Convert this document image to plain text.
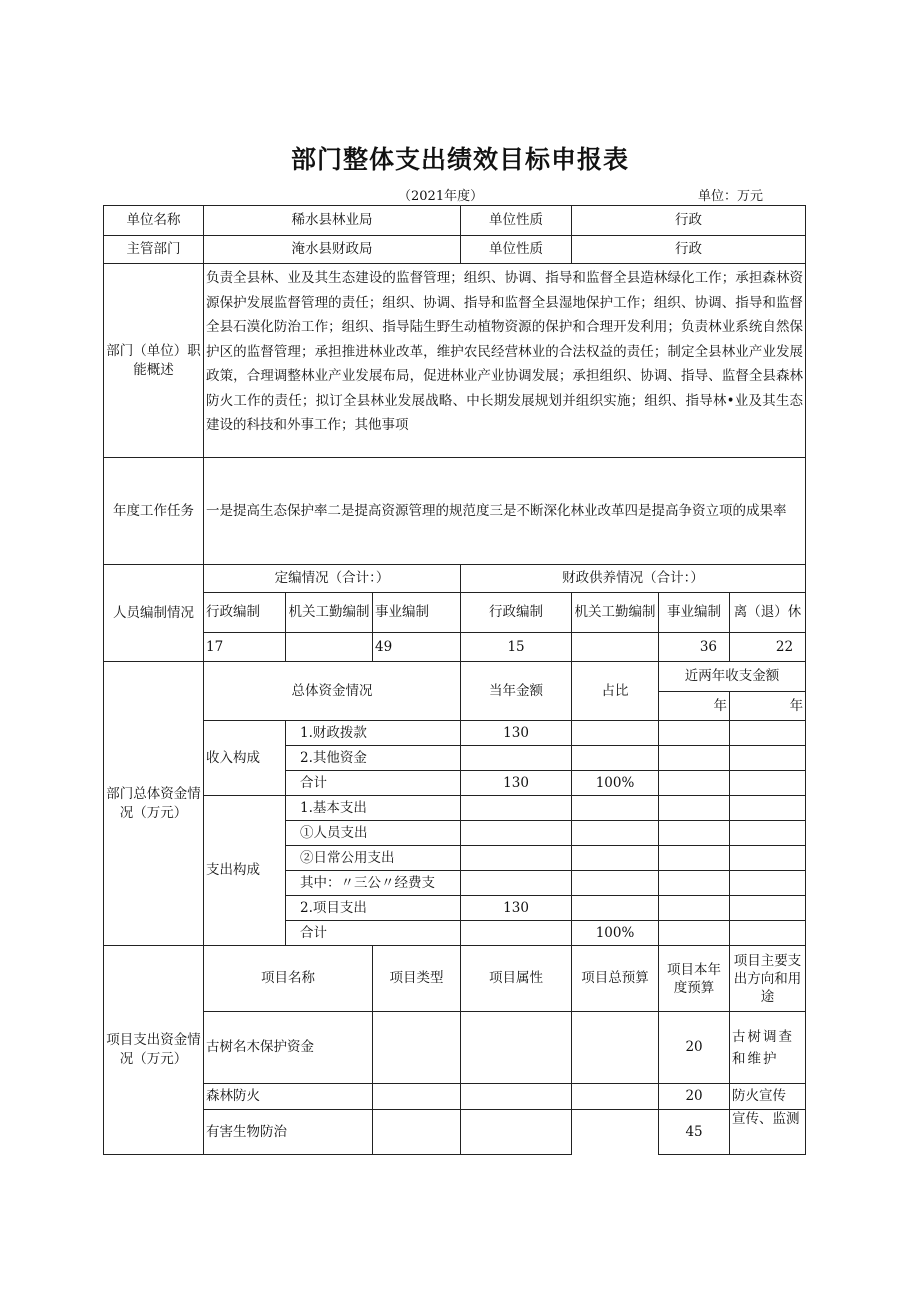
部门整体支出绩效目标申报表
（2021年度）	单位：万元
单位名称	稀水县林业局			单位性质	行政		
主管部门	淹水县财政局			单位性质	行政		
部门（单位）职能概述	负责全县林、业及其生态建设的监督管理；组织、协调、指导和监督全县造林绿化工作；承担森林资源保护发展监督管理的责任；组织、协调、指导和监督全县湿地保护工作；组织、协调、指导和监督全县石漠化防治工作；组织、指导陆生野生动植物资源的保护和合理开发利用；负责林业系统自然保护区的监督管理；承担推进林业改革，维护农民经营林业的合法权益的责任；制定全县林业产业发展政策，合理调整林业产业发展布局，促进林业产业协调发展；承担组织、协调、指导、监督全县森林防火工作的责任；拟订全县林业发展战略、中长期发展规划并组织实施；组织、指导林•业及其生态建设的科技和外事工作；其他事项						
年度工作任务	一是提高生态保护率二是提高资源管理的规范度三是不断深化林业改革四是提高争资立项的成果率						
人员编制情况	定编情况（合计：）			财政供养情况（合计：）			
	行政编制	机关工勤编制	事业编制	行政编制	机关工勤编制	事业编制	离（退）休
	17		49	15		36	22
部门总体资金情况（万元）	总体资金情况			当年金额	占比	近两年收支金额	
						年	年
	收入构成	1.财政拨款		130			
		2.其他资金					
		合计		130	100%		
	支出构成	1.基本支出					
		①人员支出					
		②日常公用支出					
		其中：〃三公〃经费支					
		2.项目支出		130			
		合计			100%		
项目支出资金情况（万元）	项目名称		项目类型	项目属性	项目总预算	项目本年度预算	项目主要支出方向和用途
	古树名木保护资金					20	古树调查和维护
	森林防火					20	防火宣传
	有害生物防治					45	宣传、监测
